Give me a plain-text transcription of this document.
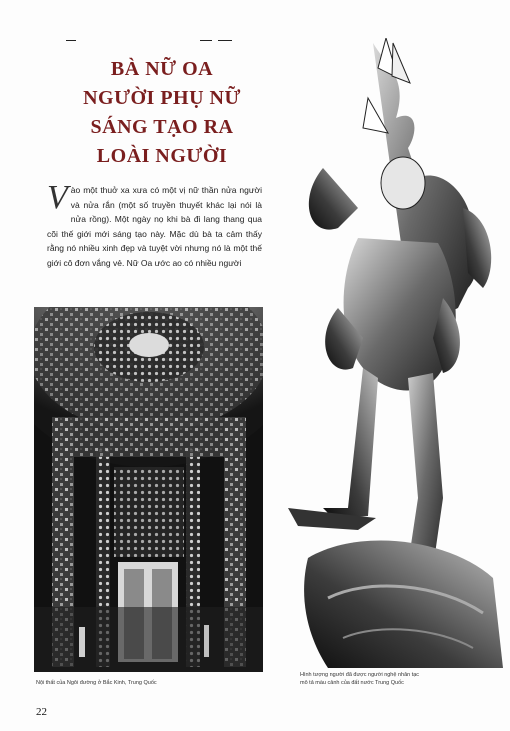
BÀ NỮ OA
NGƯỜI PHỤ NỮ
SÁNG TẠO RA
LOÀI NGƯỜI
V ào một thuở xa xưa có một vị nữ thần nửa người và nửa rắn (một số truyền thuyết khác lại nói là nửa rồng). Một ngày nọ khi bà đi lang thang qua cõi thế giới mới sáng tạo này. Mặc dù bà ta cảm thấy rằng nó nhiều xinh đẹp và tuyệt vời nhưng nó là một thế giới cô đơn vắng vẻ. Nữ Oa ước ao có nhiều người
Nội thất của Ngôi đường ở Bắc Kinh, Trung Quốc
Hình tượng người đã được người nghệ nhân tạc
mô tả màu cảnh của đất nước Trung Quốc
22
